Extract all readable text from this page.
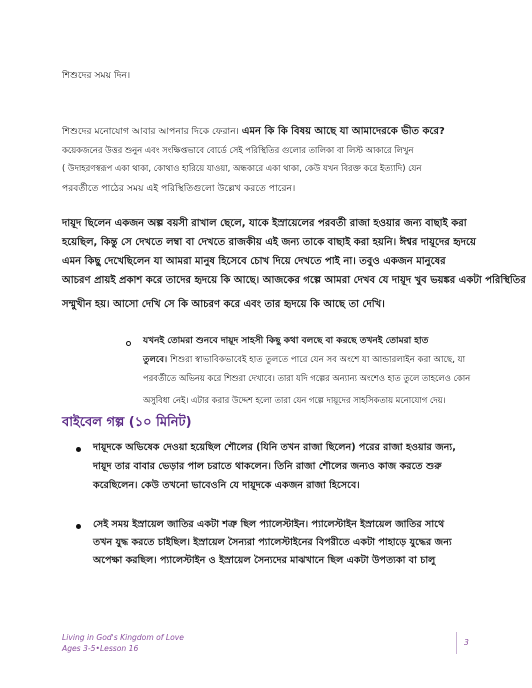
শিশুদের সময় দিন।
শিশুদের মনোযোগ আবার আপনার দিকে ফেরান। এমন কি কি বিষয় আছে যা আমাদেরকে ভীত করে?
কয়েকজনের উত্তর শুনুন এবং সংক্ষিপ্তভাবে বোর্ডে সেই পরিস্থিতির গুলোর তালিকা বা লিস্ট আকারে লিখুন
( উদাহরণস্বরূপ একা থাকা, কোথাও হারিয়ে যাওয়া, অন্ধকারে একা থাকা, কেউ যখন বিরক্ত করে ইত্যাদি) যেন
পরবর্তীতে পাঠের সময় এই পরিস্থিতিগুলো উল্লেখ করতে পারেন।
দায়ূদ ছিলেন একজন অল্প বয়সী রাখাল ছেলে, যাকে ইস্রায়েলের পরবর্তী রাজা হওয়ার জন্য বাছাই করা
হয়েছিল, কিন্তু সে দেখতে লম্বা বা দেখতে রাজকীয় এই জন্য তাকে বাছাই করা হয়নি। ঈশ্বর দায়ূদের হৃদয়ে
এমন কিছু দেখেছিলেন যা আমরা মানুষ হিসেবে চোখ দিয়ে দেখতে পাই না। তবুও একজন মানুষের
আচরণ প্রায়ই প্রকাশ করে তাদের হৃদয়ে কি আছে। আজকের গল্পে আমরা দেখব যে দায়ূদ খুব ভয়ঙ্কর একটা পরিস্থিতির
সম্মুখীন হয়। আসো দেখি সে কি আচরণ করে এবং তার হৃদয়ে কি আছে তা দেখি।
যখনই তোমরা শুনবে দায়ূদ সাহসী কিছু কথা বলছে বা করছে তখনই তোমরা হাত
তুলবে। শিশুরা স্বাভাবিকভাবেই হাত তুলতে পারে যেন সব অংশে যা আন্ডারলাইন করা আছে, যা
পরবর্তীতে অভিনয় করে শিশুরা দেখাবে। তারা যদি গল্পের অন্যান্য অংশেও হাত তুলে তাহলেও কোন
অসুবিধা নেই। এটার করার উদ্দেশ হলো তারা যেন গল্পে দায়ূদের সাহসিকতায় মনোযোগ দেয়।
বাইবেল গল্প (১০ মিনিট)
দায়ূদকে অভিষেক দেওয়া হয়েছিল শৌলের (যিনি তখন রাজা ছিলেন) পরের রাজা হওয়ার জন্য,
দায়ূদ তার বাবার ভেড়ার পাল চরাতে থাকলেন। তিনি রাজা শৌলের জন্যও কাজ করতে শুরু
করেছিলেন। কেউ তখনো ভাবেওনি যে দায়ূদকে একজন রাজা হিসেবে।
সেই সময় ইস্রায়েল জাতির একটা শত্রু ছিল প্যালেস্টাইন। প্যালেস্টাইন ইস্রায়েল জাতির সাথে
তখন যুদ্ধ করতে চাইছিল। ইস্রায়েল সৈন্যরা প্যালেস্টাইনের বিপরীতে একটা পাহাড়ে যুদ্ধের জন্য
অপেক্ষা করছিল। প্যালেস্টাইন ও ইস্রায়েল সৈন্যদের মাঝখানে ছিল একটা উপত্যকা বা চালু
Living in God's Kingdom of Love
Ages 3-5•Lesson 16
3
